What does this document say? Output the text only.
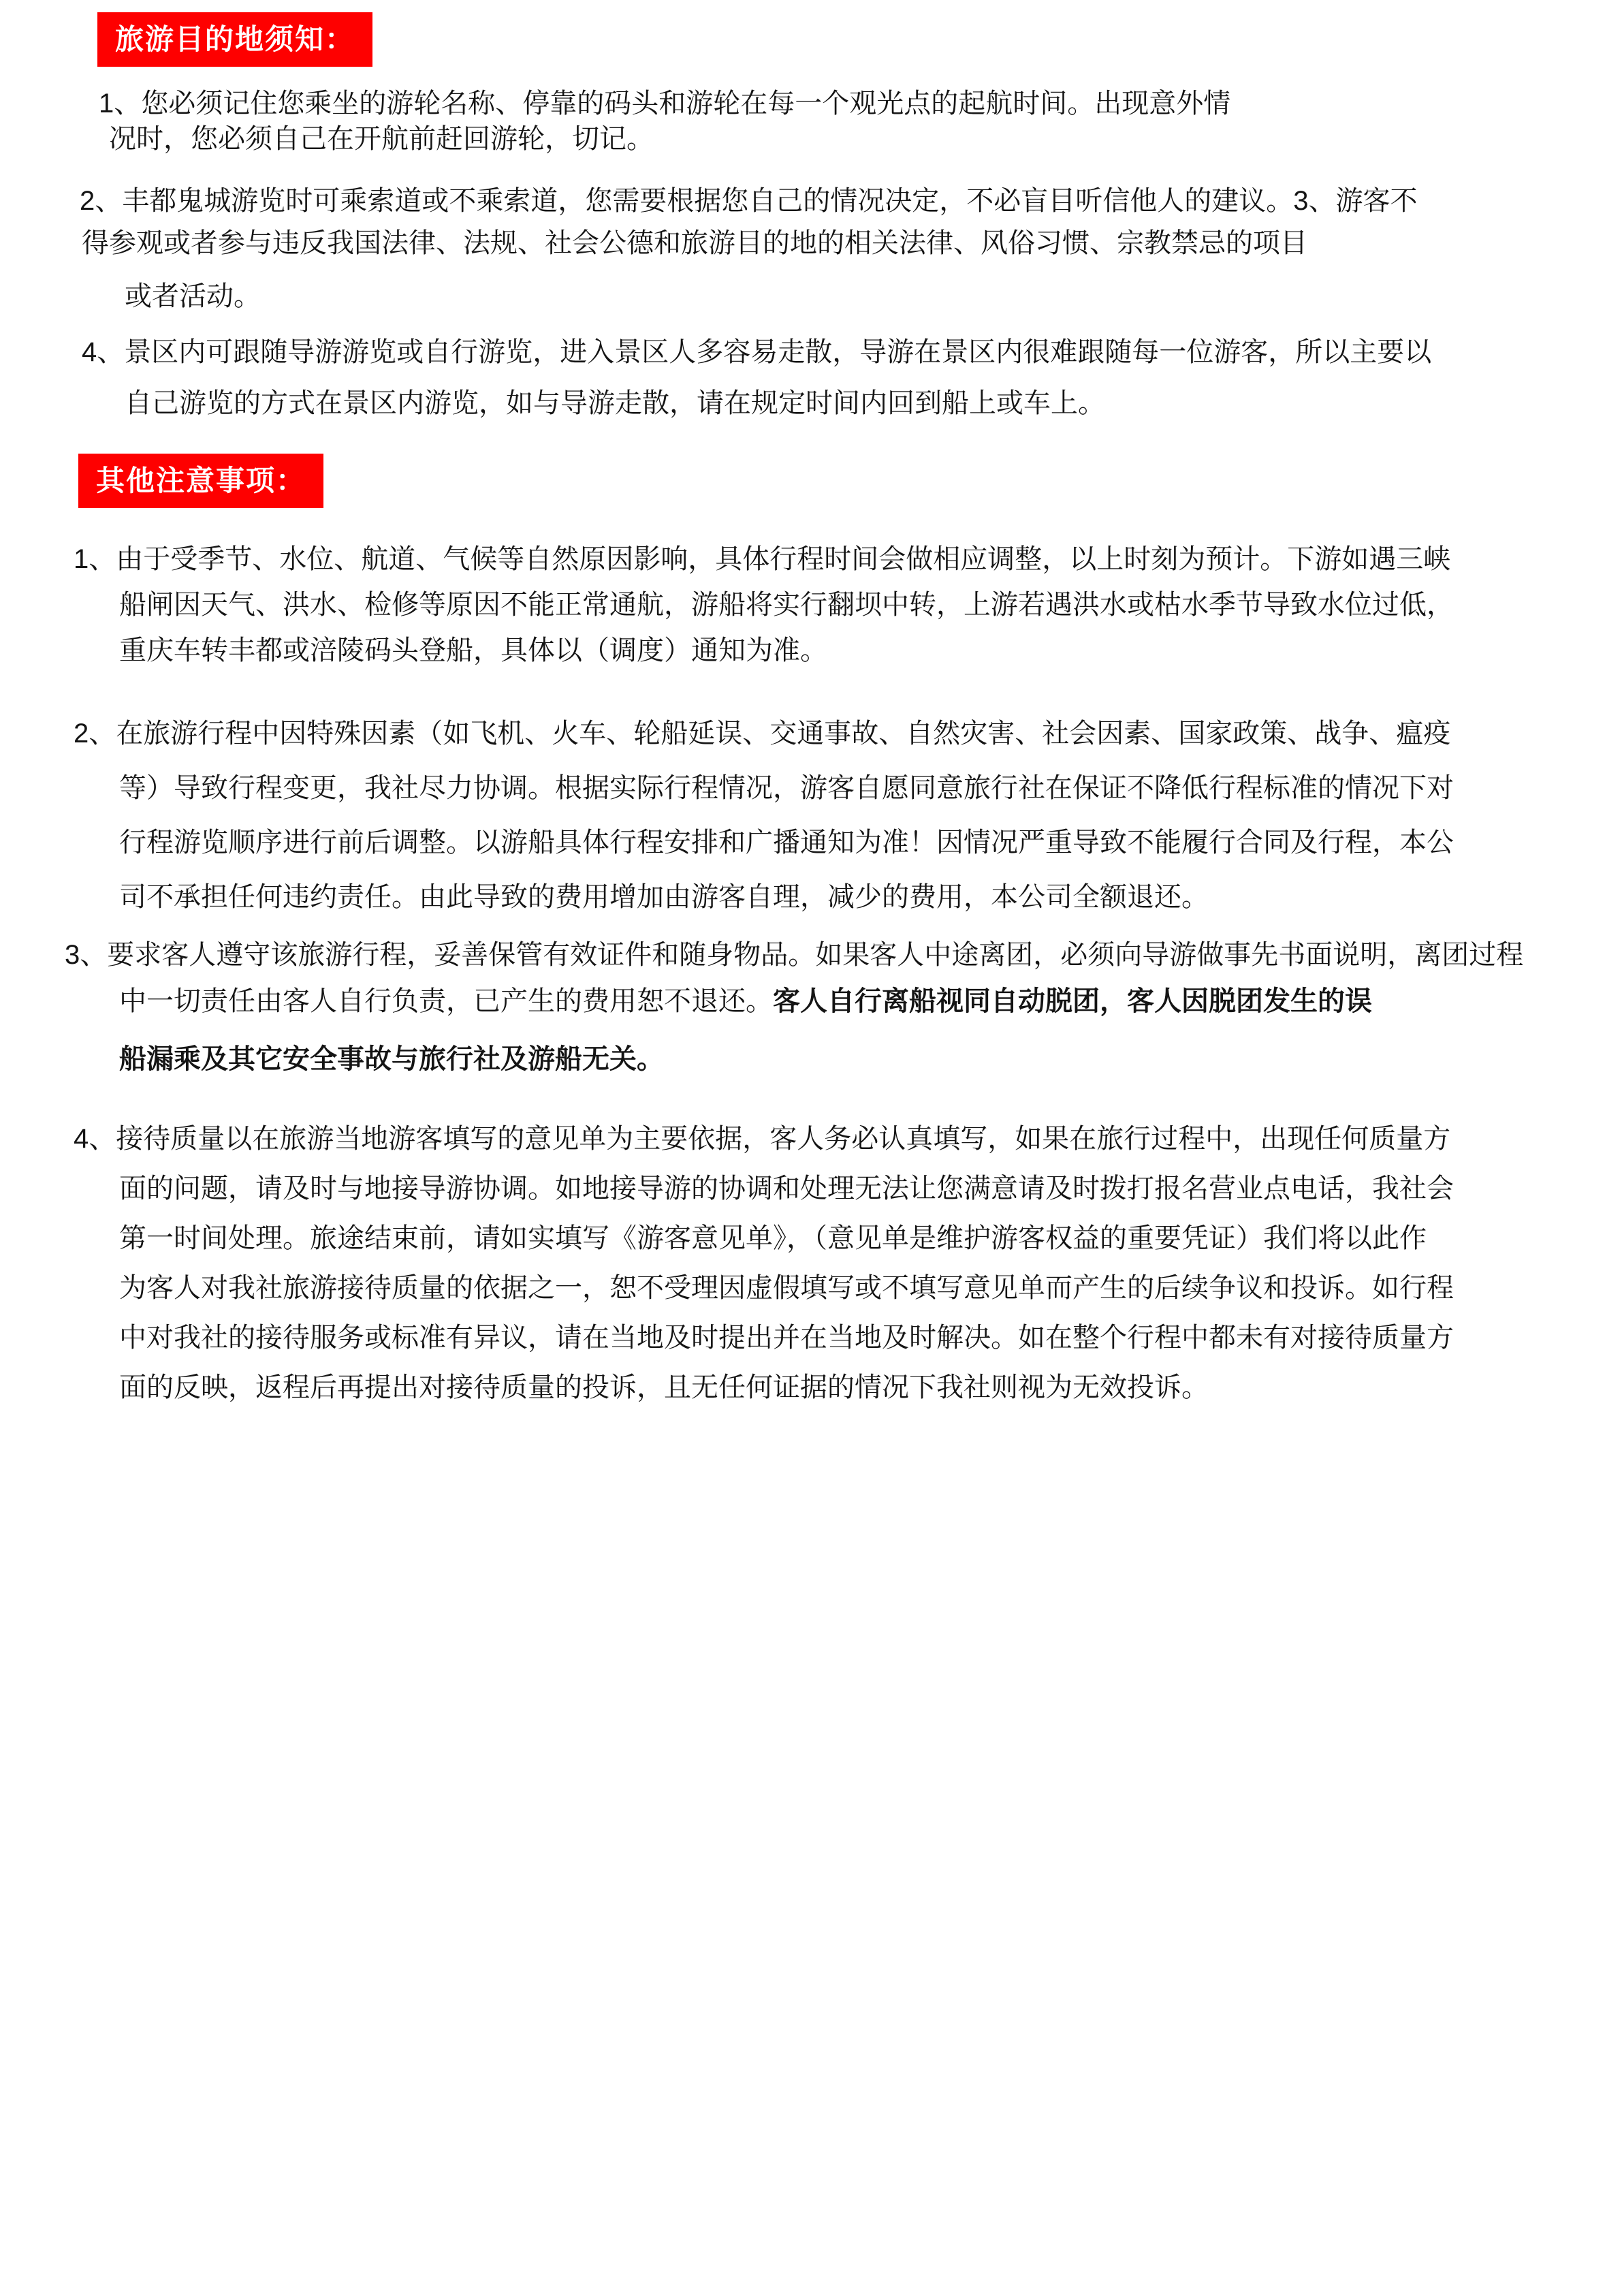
旅游目的地须知：
1、您必须记住您乘坐的游轮名称、停靠的码头和游轮在每一个观光点的起航时间。出现意外情
况时，您必须自己在开航前赶回游轮，切记。
2、丰都鬼城游览时可乘索道或不乘索道，您需要根据您自己的情况决定，不必盲目听信他人的建议。3、游客不
得参观或者参与违反我国法律、法规、社会公德和旅游目的地的相关法律、风俗习惯、宗教禁忌的项目
或者活动。
4、景区内可跟随导游游览或自行游览，进入景区人多容易走散，导游在景区内很难跟随每一位游客，所以主要以
自己游览的方式在景区内游览，如与导游走散，请在规定时间内回到船上或车上。
其他注意事项：
1、由于受季节、水位、航道、气候等自然原因影响，具体行程时间会做相应调整，以上时刻为预计。下游如遇三峡
船闸因天气、洪水、检修等原因不能正常通航，游船将实行翻坝中转，上游若遇洪水或枯水季节导致水位过低，
重庆车转丰都或涪陵码头登船，具体以（调度）通知为准。
2、在旅游行程中因特殊因素（如飞机、火车、轮船延误、交通事故、自然灾害、社会因素、国家政策、战争、瘟疫
等）导致行程变更，我社尽力协调。根据实际行程情况，游客自愿同意旅行社在保证不降低行程标准的情况下对
行程游览顺序进行前后调整。以游船具体行程安排和广播通知为准！因情况严重导致不能履行合同及行程，本公
司不承担任何违约责任。由此导致的费用增加由游客自理，减少的费用，本公司全额退还。
3、要求客人遵守该旅游行程，妥善保管有效证件和随身物品。如果客人中途离团，必须向导游做事先书面说明，离团过程
中一切责任由客人自行负责，已产生的费用恕不退还。客人自行离船视同自动脱团，客人因脱团发生的误
船漏乘及其它安全事故与旅行社及游船无关。
4、接待质量以在旅游当地游客填写的意见单为主要依据，客人务必认真填写，如果在旅行过程中，出现任何质量方
面的问题，请及时与地接导游协调。如地接导游的协调和处理无法让您满意请及时拨打报名营业点电话，我社会
第一时间处理。旅途结束前，请如实填写《游客意见单》，（意见单是维护游客权益的重要凭证）我们将以此作
为客人对我社旅游接待质量的依据之一，恕不受理因虚假填写或不填写意见单而产生的后续争议和投诉。如行程
中对我社的接待服务或标准有异议，请在当地及时提出并在当地及时解决。如在整个行程中都未有对接待质量方
面的反映，返程后再提出对接待质量的投诉，且无任何证据的情况下我社则视为无效投诉。
